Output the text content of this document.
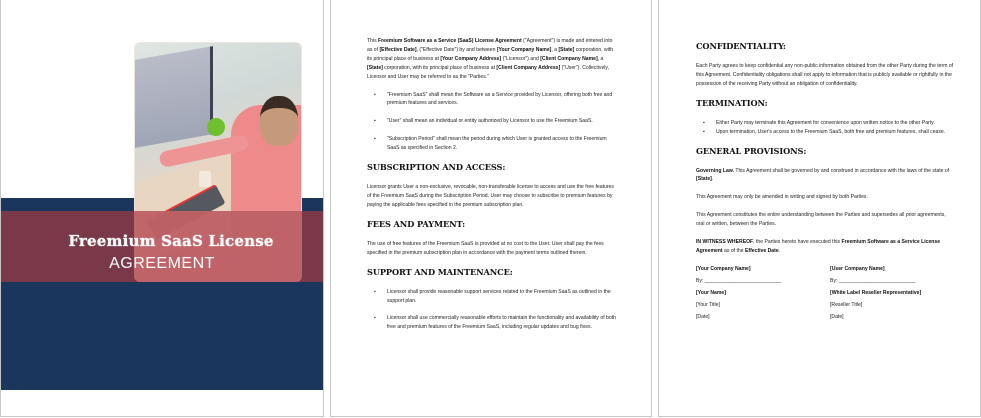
Freemium SaaS License
AGREEMENT

This Freemium Software as a Service (SaaS) License Agreement ("Agreement") is made and entered into as of [Effective Date], ("Effective Date") by and between [Your Company Name], a [State] corporation, with its principal place of business at [Your Company Address] ("Licensor") and [Client Company Name], a [State] corporation, with its principal place of business at [Client Company Address] ("User"). Collectively, Licensor and User may be referred to as the "Parties."

▪ "Freemium SaaS" shall mean the Software as a Service provided by Licensor, offering both free and premium features and services.
▪ "User" shall mean an individual or entity authorized by Licensor to use the Freemium SaaS.
▪ "Subscription Period" shall mean the period during which User is granted access to the Freemium SaaS as specified in Section 2.
SUBSCRIPTION AND ACCESS:

Licensor grants User a non-exclusive, revocable, non-transferable license to access and use the free features of the Freemium SaaS during the Subscription Period. User may choose to subscribe to premium features by paying the applicable fees specified in the premium subscription plan.

FEES AND PAYMENT:

The use of free features of the Freemium SaaS is provided at no cost to the User. User shall pay the fees specified in the premium subscription plan in accordance with the payment terms outlined therein.

SUPPORT AND MAINTENANCE:
▪ Licensor shall provide reasonable support services related to the Freemium SaaS as outlined in the support plan.
▪ Licensor shall use commercially reasonable efforts to maintain the functionality and availability of both free and premium features of the Freemium SaaS, including regular updates and bug fixes.
CONFIDENTIALITY:

Each Party agrees to keep confidential any non-public information obtained from the other Party during the term of this Agreement. Confidentiality obligations shall not apply to information that is publicly available or rightfully in the possession of the receiving Party without an obligation of confidentiality.

TERMINATION:
▪ Either Party may terminate this Agreement for convenience upon written notice to the other Party.
▪ Upon termination, User's access to the Freemium SaaS, both free and premium features, shall cease.
GENERAL PROVISIONS:

Governing Law. This Agreement shall be governed by and construed in accordance with the laws of the state of [State].

This Agreement may only be amended in writing and signed by both Parties.

This Agreement constitutes the entire understanding between the Parties and supersedes all prior agreements, oral or written, between the Parties.

IN WITNESS WHEREOF, the Parties hereto have executed this Freemium Software as a Service License Agreement as of the Effective Date.

[Your Company Name]	[User Company Name]
By: ___________________________	By: ___________________________
[Your Name]	[White Label Reseller Representative]
[Your Title]	[Reseller Title]
[Date]	[Date]
